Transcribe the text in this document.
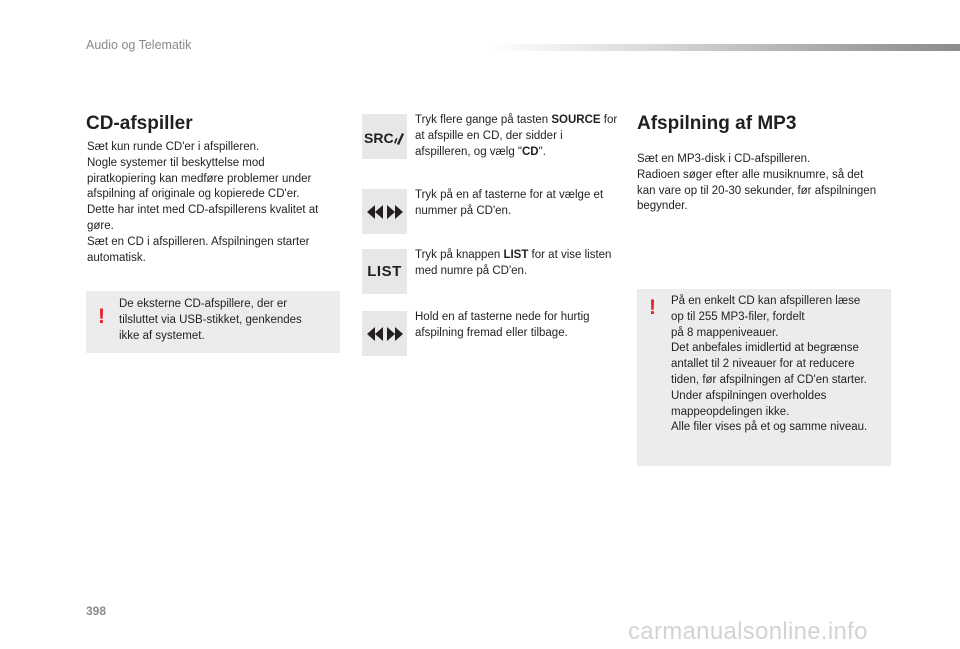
Audio og Telematik
CD-afspiller

Sæt kun runde CD'er i afspilleren.
Nogle systemer til beskyttelse mod
piratkopiering kan medføre problemer under
afspilning af originale og kopierede CD'er.
Dette har intet med CD-afspillerens kvalitet at
gøre.
Sæt en CD i afspilleren. Afspilningen starter
automatisk.

!
De eksterne CD-afspillere, der er
tilsluttet via USB-stikket, genkendes
ikke af systemet.
SRC
Tryk flere gange på tasten SOURCE for at afspille en CD, der sidder i afspilleren, og vælg "CD".
Tryk på en af tasterne for at vælge et nummer på CD'en.
LIST
Tryk på knappen LIST for at vise listen med numre på CD'en.
Hold en af tasterne nede for hurtig afspilning fremad eller tilbage.
Afspilning af MP3

Sæt en MP3-disk i CD-afspilleren.
Radioen søger efter alle musiknumre, så det
kan vare op til 20-30 sekunder, før afspilningen
begynder.

! På en enkelt CD kan afspilleren læse
op til 255 MP3-filer, fordelt
på 8 mappeniveauer.
Det anbefales imidlertid at begrænse
antallet til 2 niveauer for at reducere
tiden, før afspilningen af CD'en starter.
Under afspilningen overholdes
mappeopdelingen ikke.
Alle filer vises på et og samme niveau.
398
carmanualsonline.info
